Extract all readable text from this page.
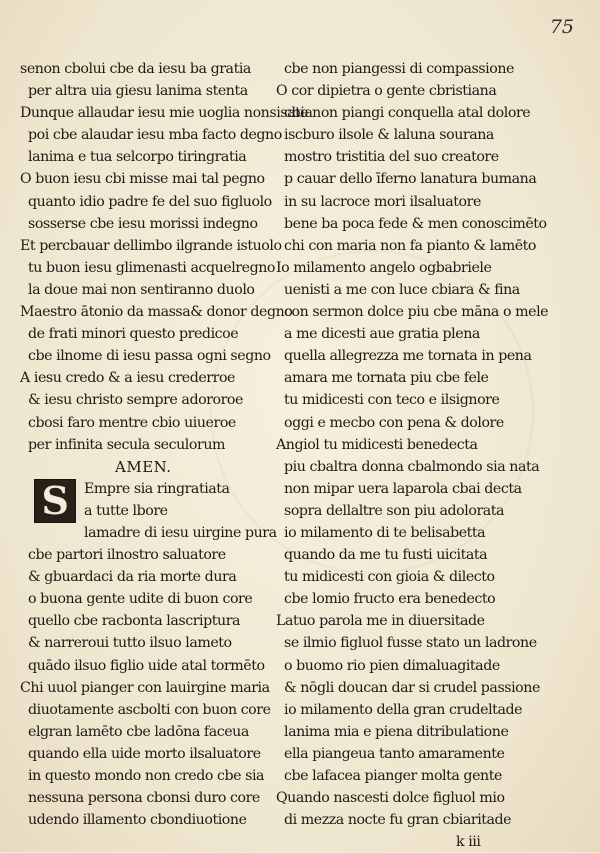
75
senon cbolui cbe da iesu ba gratia
per altra uia giesu lanima stenta
Dunque allaudar iesu mie uoglia nonsisatia
poi cbe alaudar iesu mba facto degno
lanima e tua selcorpo tiringratia
O buon iesu cbi misse mai tal pegno
quanto idio padre fe del suo figluolo
sosserse cbe iesu morissi indegno
Et percbauar dellimbo ilgrande istuolo
tu buon iesu glimenasti acquelregno
la doue mai non sentiranno duolo
Maestro ātonio da massa& donor degno
de frati minori questo predicoe
cbe ilnome di iesu passa ogni segno
A iesu credo & a iesu crederroe
& iesu christo sempre adororoe
cbosi faro mentre cbio uiueroe
per infinita secula seculorum
AMEN.
S	Empre sia ringratiata
a tutte lbore
lamadre di iesu uirgine pura
cbe partori ilnostro saluatore
& gbuardaci da ria morte dura
o buona gente udite di buon core
quello cbe racbonta lascriptura
& narreroui tutto ilsuo lameto
quādo ilsuo figlio uide atal tormēto
Chi uuol pianger con lauirgine maria
diuotamente ascbolti con buon core
elgran lamēto cbe ladōna faceua
quando ella uide morto ilsaluatore
in questo mondo non credo cbe sia
nessuna persona cbonsi duro core
udendo illamento cbondiuotione
cbe non piangessi di compassione
O cor dipietra o gente cbristiana
cbe non piangi conquella atal dolore
iscburo ilsole & laluna sourana
mostro tristitia del suo creatore
p cauar dello īferno lanatura bumana
in su lacroce mori ilsaluatore
bene ba poca fede & men conoscimēto
chi con maria non fa pianto & lamēto
Io milamento angelo ogbabriele
uenisti a me con luce cbiara & fina
con sermon dolce piu cbe māna o mele
a me dicesti aue gratia plena
quella allegrezza me tornata in pena
amara me tornata piu cbe fele
tu midicesti con teco e ilsignore
oggi e mecbo con pena & dolore
Angiol tu midicesti benedecta
piu cbaltra donna cbalmondo sia nata
non mipar uera laparola cbai decta
sopra dellaltre son piu adolorata
io milamento di te belisabetta
quando da me tu fusti uicitata
tu midicesti con gioia & dilecto
cbe lomio fructo era benedecto
Latuo parola me in diuersitade
se ilmio figluol fusse stato un ladrone
o buomo rio pien dimaluagitade
& nōgli doucan dar si crudel passione
io milamento della gran crudeltade
lanima mia e piena ditribulatione
ella piangeua tanto amaramente
cbe lafacea pianger molta gente
Quando nascesti dolce figluol mio
di mezza nocte fu gran cbiaritade
k iii
